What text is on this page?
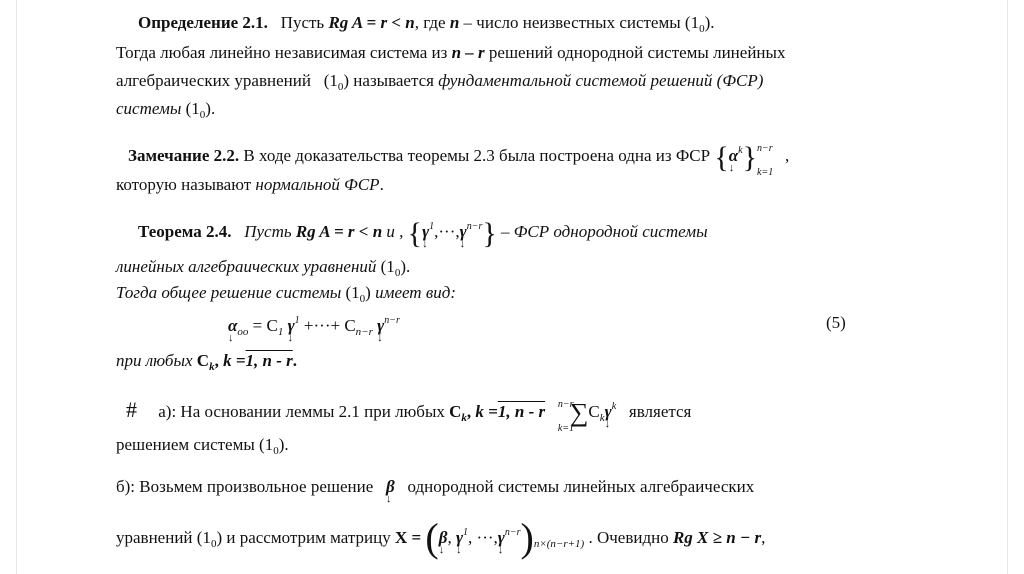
Определение 2.1. Пусть Rg A = r < n, где n – число неизвестных системы $(1_0)$.
Тогда любая линейно независимая система из n – r решений однородной системы линейных
алгебраических уравнений $(1_0)$ называется фундаментальной системой решений (ФСР)
системы $(1_0)$.
Замечание 2.2. В ходе доказательства теоремы 2.3 была построена одна из ФСР {α ↓$^k$} n−r
k=1
,
которую называют нормальной ФСР.
Теорема 2.4. Пусть Rg A = r < n и , {γ ↓$^1$,···,γ ↓$^{n-r}$} – ФСР однородной системы
линейных алгебраических уравнений $(1_0)$.
Тогда общее решение системы $(1_0)$ имеет вид:
α $↓_{oo} = C_1$ γ ↓$^1$ +···+ $C_{n-r}$ γ ↓$^{n-r}$	(5)
при любых $C_k$, k =1, n - r.
# а): На основании леммы 2.1 при любых $C_k$, k =1, n - r n−r
k=1
$\sum C_k\gamma$ ↓$^k$ является
решением системы $(1_0)$.
б): Возьмем произвольное решение β ↓ однородной системы линейных алгебраических
уравнений $(1_0)$ и рассмотрим матрицу X = (β ↓, γ ↓$^1$, ···,γ $↓^{n-r})_{n\times(n-r+1)}$ . Очевидно Rg X ≥ n − r,
